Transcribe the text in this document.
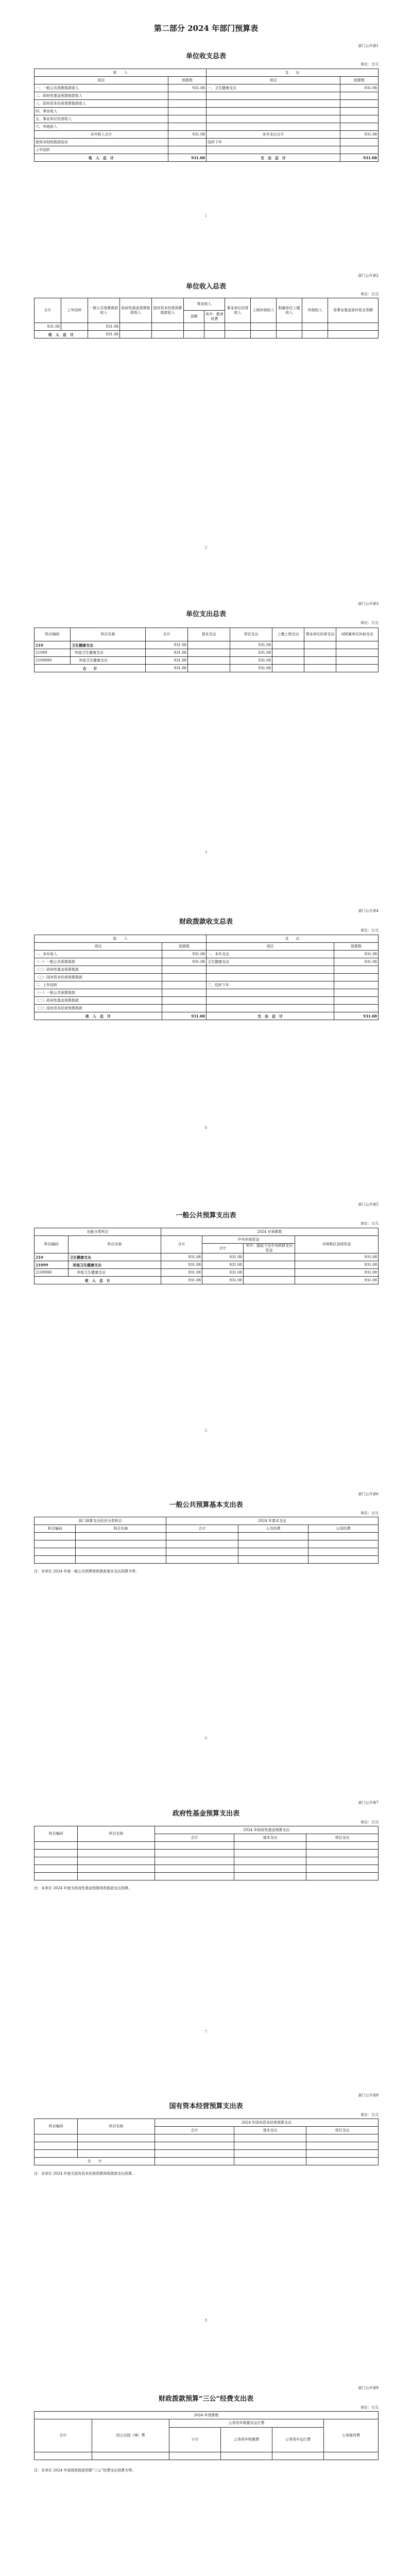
第二部分 2024 年部门预算表
部门公开表1
单位收支总表
单位：万元
收　　入		支　　出	
项目	预算数	项目	预算数
一、一般公共预算拨款收入	931.08	一、卫生健康支出	931.08
二、政府性基金预算拨款收入			
三、国有资本经营预算拨款收入			
四、事业收入			
五、事业单位经营收入			
六、其他收入			
本年收入合计	931.08	本年支出合计	931.08
使用非财政拨款结余		结转下年	
上年结转			
收　入　总　计	931.08	支　出　总　计	931.08
1
部门公开表2
单位收入总表
单位：万元
合计	上年结转	一般公共预算拨款收入	政府性基金预算拨款收入	国有资本经营预算拨款收入	事业收入		事业单位经营收入	上级补助收入	附属单位上缴收入	其他收入	用事业基金弥补收支差额
					金额	其中：教育收费					
931.08		931.08									
收　入　总　计		931.08									
2
部门公开表3
单位支出总表
单位：万元
科目编码	科目名称	合计	基本支出	项目支出	上缴上级支出	事业单位经营支出	对附属单位补助支出
210	卫生健康支出	931.08		931.08			
21099	其他卫生健康支出	931.08		931.08			
2109999	其他卫生健康支出	931.08		931.08			
合　　计		931.08		931.08			
3
部门公开表4
财政拨款收支总表
单位：万元
收　　入		支　　出	
项目	预算数	项目	预算数
一、本年收入	931.08	一、本年支出	931.08
（一）一般公共预算拨款	931.08	卫生健康支出	931.08
（二）政府性基金预算拨款			
（三）国有资本经营预算拨款			
二、上年结转		二、结转下年	
（一）一般公共预算拨款			
（二）政府性基金预算拨款			
（三）国有资本经营预算拨款			
收　入　总　计	931.08	支　出　总　计	931.08
4
部门公开表5
一般公共预算支出表
单位：万元
功能分类科目		2024 年预算数			
科目编码	科目名称	合计	中央补助资金		市级和区县级资金
			合计	其中：提前下达中央转移支付资金	
210	卫生健康支出	931.08	931.08		931.08
21099	其他卫生健康支出	931.08	931.08		931.08
2109999	其他卫生健康支出	931.08	931.08		931.08
收　入　总　计		931.08	931.08		931.08
5
部门公开表6
一般公共预算基本支出表
单位：万元
部门预算支出经济分类科目		2024 年基本支出		
科目编码	科目名称	合计	人员经费	公用经费

注：本单位 2024 年度一般公共预算财政拨款基本支出预算为零。
6
部门公开表7
政府性基金预算支出表
单位：万元
科目编码	科目名称	2024 年政府性基金预算支出		
		合计	基本支出	项目支出

注：本单位 2024 年度无政府性基金预算财政拨款支出预算。
7
部门公开表8
国有资本经营预算支出表
单位：万元
科目编码	科目名称	2024 年国有资本经营预算支出		
		合计	基本支出	项目支出

合　　计				
注：本单位 2024 年度无国有资本经营预算财政拨款支出预算。
8
部门公开表9
财政拨款预算“三公”经费支出表
单位：万元
2024 年预算数					
合计	因公出国（境）费	公务用车购置及运行费			公务接待费
		小计	公务用车购置费	公务用车运行费	

注：本单位 2024 年度财政拨款预算“三公”经费支出预算为零。
